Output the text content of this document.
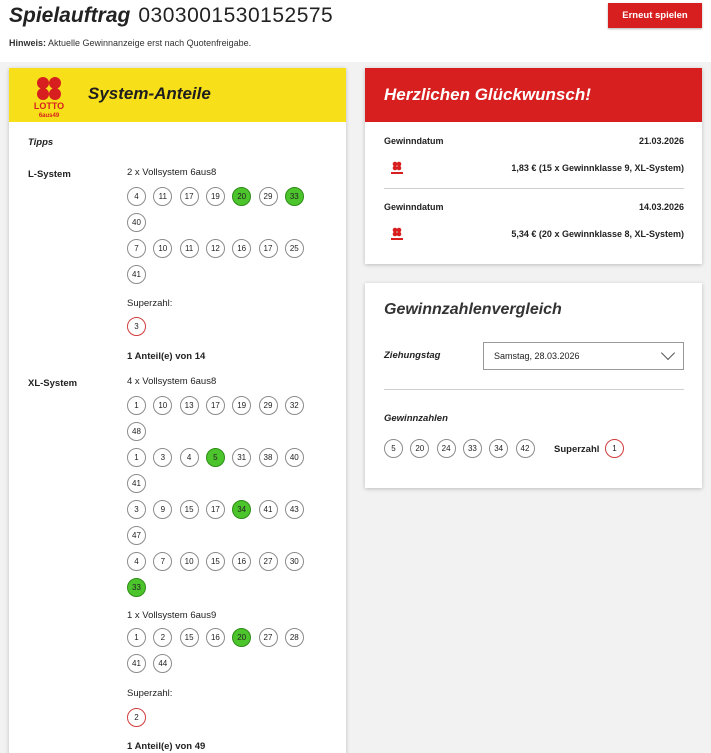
Spielauftrag 0303001530152575
Hinweis: Aktuelle Gewinnanzeige erst nach Quotenfreigabe.
Erneut spielen
LOTTO
6aus49
System-Anteile
Tipps
L-System	2 x Vollsystem 6aus8
4	11	17	19	20	29	33
40
7	10	11	12	16	17	25
41
Superzahl:
3
1 Anteil(e) von 14
XL-System	4 x Vollsystem 6aus8
1	10	13	17	19	29	32
48
1	3	4	5	31	38	40
41
3	9	15	17	34	41	43
47
4	7	10	15	16	27	30
33
1 x Vollsystem 6aus9
1	2	15	16	20	27	28
41	44
Superzahl:
2
1 Anteil(e) von 49
Herzlichen Glückwunsch!
Gewinndatum	21.03.2026
1,83 € (15 x Gewinnklasse 9, XL-System)
Gewinndatum	14.03.2026
5,34 € (20 x Gewinnklasse 8, XL-System)
Gewinnzahlenvergleich
Ziehungstag	Samstag, 28.03.2026
Gewinnzahlen
5	20	24	33	34	42	Superzahl	1
